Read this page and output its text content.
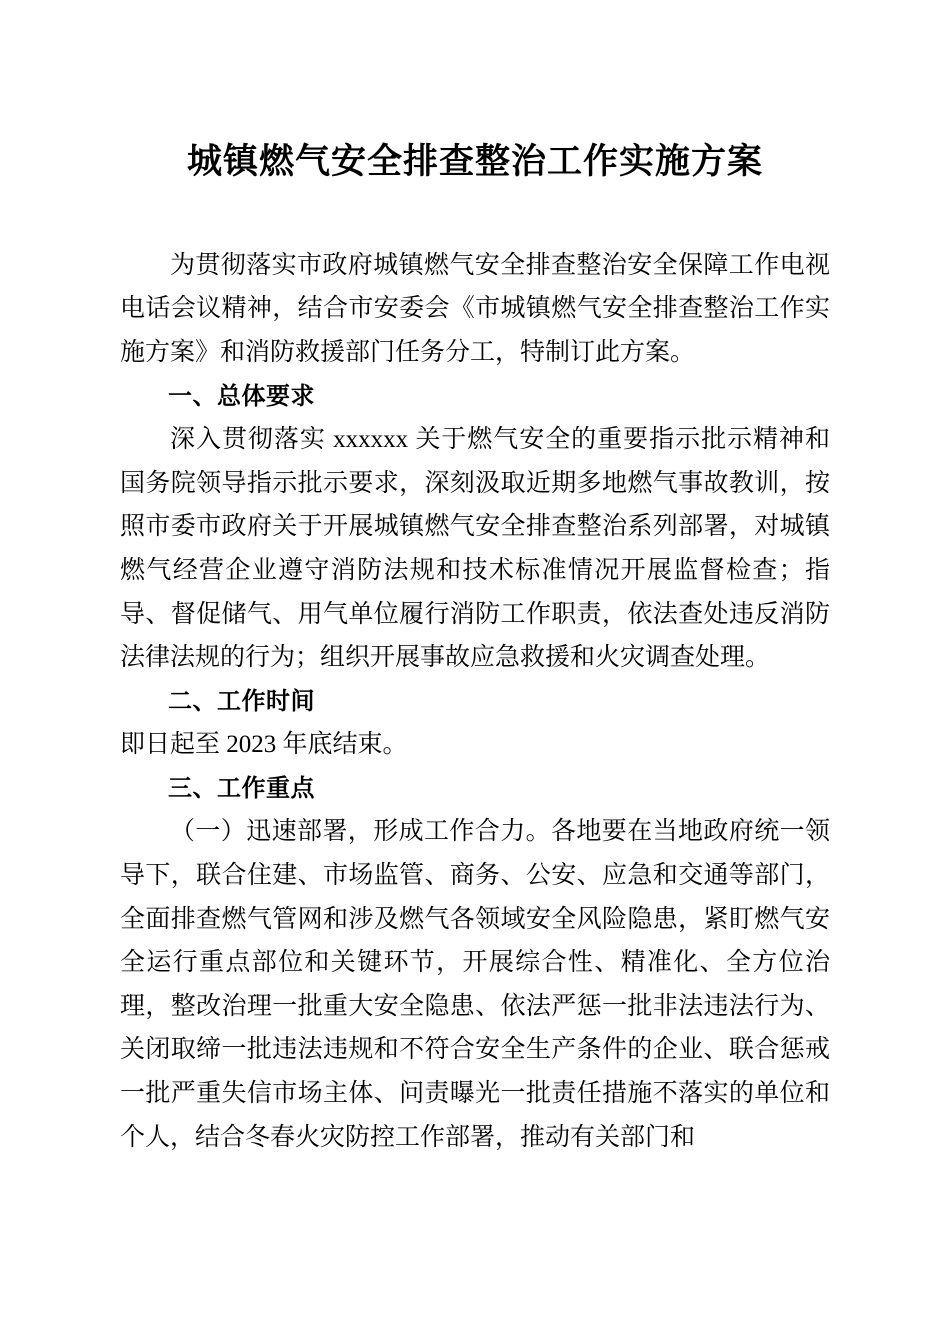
城镇燃气安全排查整治工作实施方案

为贯彻落实市政府城镇燃气安全排查整治安全保障工作电视电话会议精神，结合市安委会《市城镇燃气安全排查整治工作实施方案》和消防救援部门任务分工，特制订此方案。

一、总体要求

深入贯彻落实 xxxxxx 关于燃气安全的重要指示批示精神和国务院领导指示批示要求，深刻汲取近期多地燃气事故教训，按照市委市政府关于开展城镇燃气安全排查整治系列部署，对城镇燃气经营企业遵守消防法规和技术标准情况开展监督检查；指导、督促储气、用气单位履行消防工作职责，依法查处违反消防法律法规的行为；组织开展事故应急救援和火灾调查处理。

二、工作时间

即日起至 2023 年底结束。

三、工作重点

（一）迅速部署，形成工作合力。各地要在当地政府统一领导下，联合住建、市场监管、商务、公安、应急和交通等部门，全面排查燃气管网和涉及燃气各领域安全风险隐患，紧盯燃气安全运行重点部位和关键环节，开展综合性、精准化、全方位治理，整改治理一批重大安全隐患、依法严惩一批非法违法行为、关闭取缔一批违法违规和不符合安全生产条件的企业、联合惩戒一批严重失信市场主体、问责曝光一批责任措施不落实的单位和个人，结合冬春火灾防控工作部署，推动有关部门和
